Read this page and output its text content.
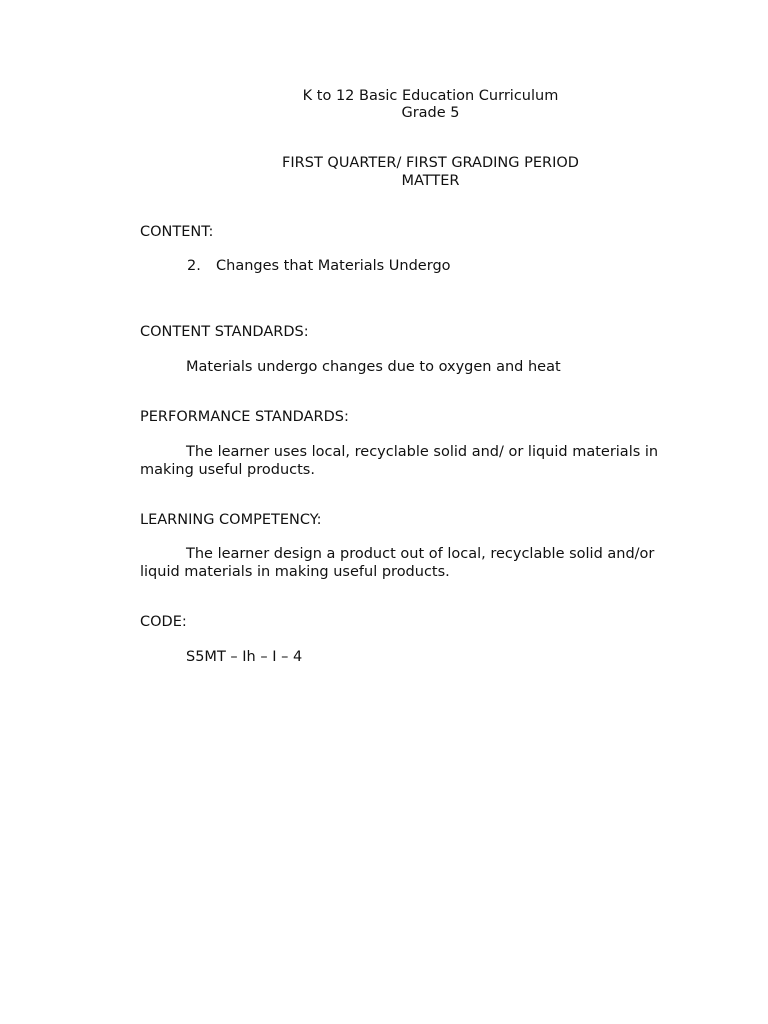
K to 12 Basic Education Curriculum
Grade 5
FIRST QUARTER/ FIRST GRADING PERIOD
MATTER
CONTENT:
2. Changes that Materials Undergo
CONTENT STANDARDS:
Materials undergo changes due to oxygen and heat
PERFORMANCE STANDARDS:
The learner uses local, recyclable solid and/ or liquid materials in making useful products.
LEARNING COMPETENCY:
The learner design a product out of local, recyclable solid and/or liquid materials in making useful products.
CODE:
S5MT – Ih – I – 4
